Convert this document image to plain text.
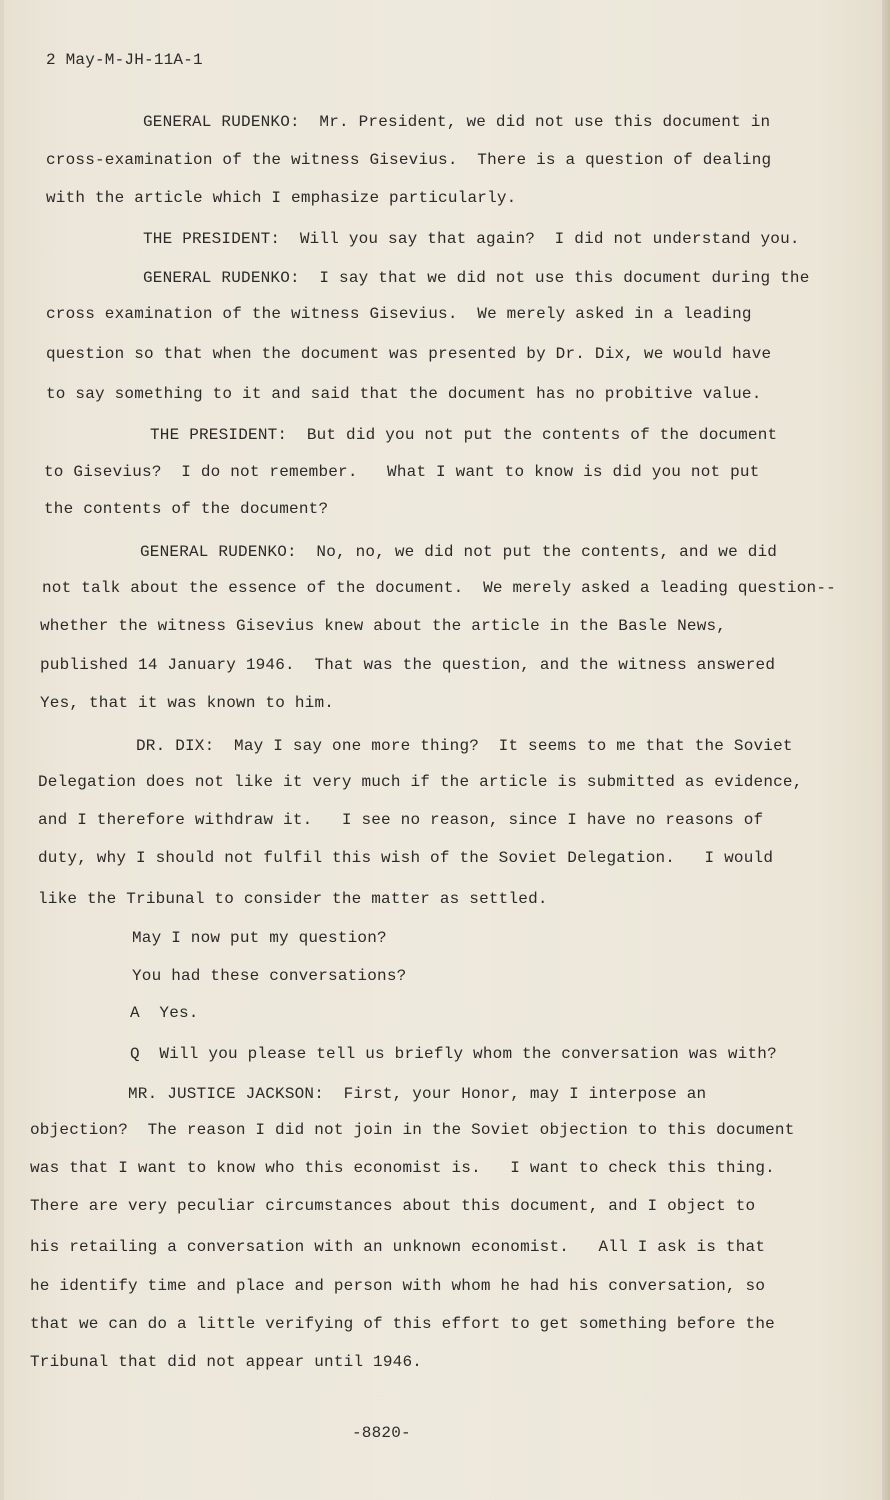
2 May-M-JH-11A-1
GENERAL RUDENKO:  Mr. President, we did not use this document in
cross-examination of the witness Gisevius.  There is a question of dealing
with the article which I emphasize particularly.
THE PRESIDENT:  Will you say that again?  I did not understand you.
GENERAL RUDENKO:  I say that we did not use this document during the
cross examination of the witness Gisevius.  We merely asked in a leading
question so that when the document was presented by Dr. Dix, we would have
to say something to it and said that the document has no probitive value.
THE PRESIDENT:  But did you not put the contents of the document
to Gisevius?  I do not remember.   What I want to know is did you not put
the contents of the document?
GENERAL RUDENKO:  No, no, we did not put the contents, and we did
not talk about the essence of the document.  We merely asked a leading question--
whether the witness Gisevius knew about the article in the Basle News,
published 14 January 1946.  That was the question, and the witness answered
Yes, that it was known to him.
DR. DIX:  May I say one more thing?  It seems to me that the Soviet
Delegation does not like it very much if the article is submitted as evidence,
and I therefore withdraw it.   I see no reason, since I have no reasons of
duty, why I should not fulfil this wish of the Soviet Delegation.   I would
like the Tribunal to consider the matter as settled.
May I now put my question?
You had these conversations?
A  Yes.
Q  Will you please tell us briefly whom the conversation was with?
MR. JUSTICE JACKSON:  First, your Honor, may I interpose an
objection?  The reason I did not join in the Soviet objection to this document
was that I want to know who this economist is.   I want to check this thing.
There are very peculiar circumstances about this document, and I object to
his retailing a conversation with an unknown economist.   All I ask is that
he identify time and place and person with whom he had his conversation, so
that we can do a little verifying of this effort to get something before the
Tribunal that did not appear until 1946.
-8820-
